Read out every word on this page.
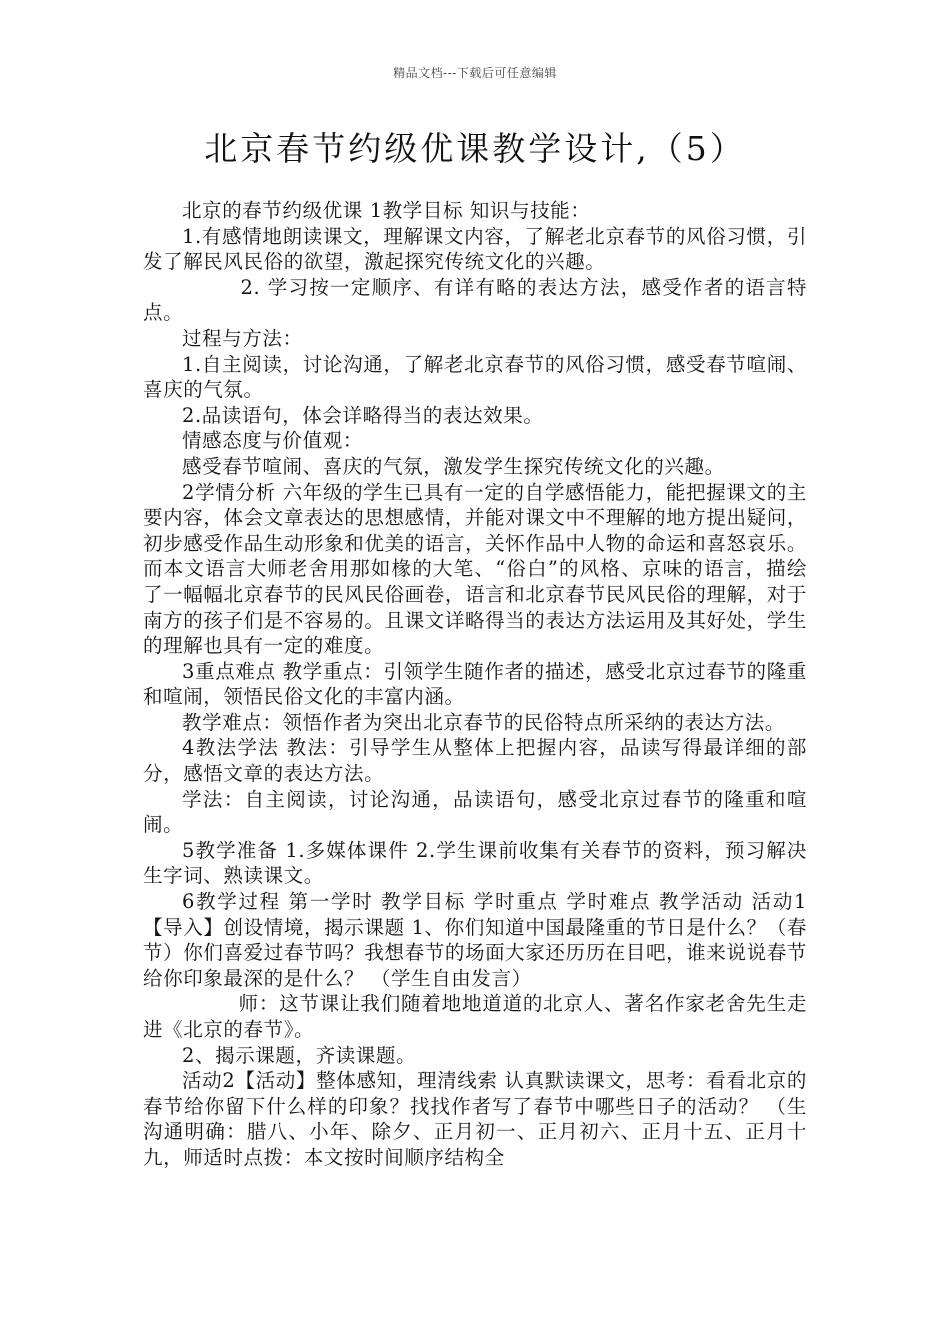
精品文档---下载后可任意编辑
北京春节约级优课教学设计,（5）

北京的春节约级优课 1教学目标 知识与技能：

1.有感情地朗读课文，理解课文内容，了解老北京春节的风俗习惯，引发了解民风民俗的欲望，激起探究传统文化的兴趣。

2. 学习按一定顺序、有详有略的表达方法，感受作者的语言特点。

过程与方法：

1.自主阅读，讨论沟通，了解老北京春节的风俗习惯，感受春节喧闹、喜庆的气氛。

2.品读语句，体会详略得当的表达效果。

情感态度与价值观：

感受春节喧闹、喜庆的气氛，激发学生探究传统文化的兴趣。

2学情分析 六年级的学生已具有一定的自学感悟能力，能把握课文的主要内容，体会文章表达的思想感情，并能对课文中不理解的地方提出疑问，初步感受作品生动形象和优美的语言，关怀作品中人物的命运和喜怒哀乐。而本文语言大师老舍用那如椽的大笔、“俗白”的风格、京味的语言，描绘了一幅幅北京春节的民风民俗画卷，语言和北京春节民风民俗的理解，对于南方的孩子们是不容易的。且课文详略得当的表达方法运用及其好处，学生的理解也具有一定的难度。

3重点难点 教学重点：引领学生随作者的描述，感受北京过春节的隆重和喧闹，领悟民俗文化的丰富内涵。

教学难点：领悟作者为突出北京春节的民俗特点所采纳的表达方法。

4教法学法 教法：引导学生从整体上把握内容，品读写得最详细的部分，感悟文章的表达方法。

学法：自主阅读，讨论沟通，品读语句，感受北京过春节的隆重和喧闹。

5教学准备 1.多媒体课件 2.学生课前收集有关春节的资料，预习解决生字词、熟读课文。

6教学过程 第一学时 教学目标 学时重点 学时难点 教学活动 活动1【导入】创设情境，揭示课题 1、你们知道中国最隆重的节日是什么？（春节）你们喜爱过春节吗？我想春节的场面大家还历历在目吧，谁来说说春节给你印象最深的是什么？ （学生自由发言）

师：这节课让我们随着地地道道的北京人、著名作家老舍先生走进《北京的春节》。

2、揭示课题，齐读课题。

活动2【活动】整体感知，理清线索 认真默读课文，思考：看看北京的春节给你留下什么样的印象？找找作者写了春节中哪些日子的活动？ （生沟通明确：腊八、小年、除夕、正月初一、正月初六、正月十五、正月十九，师适时点拨：本文按时间顺序结构全
